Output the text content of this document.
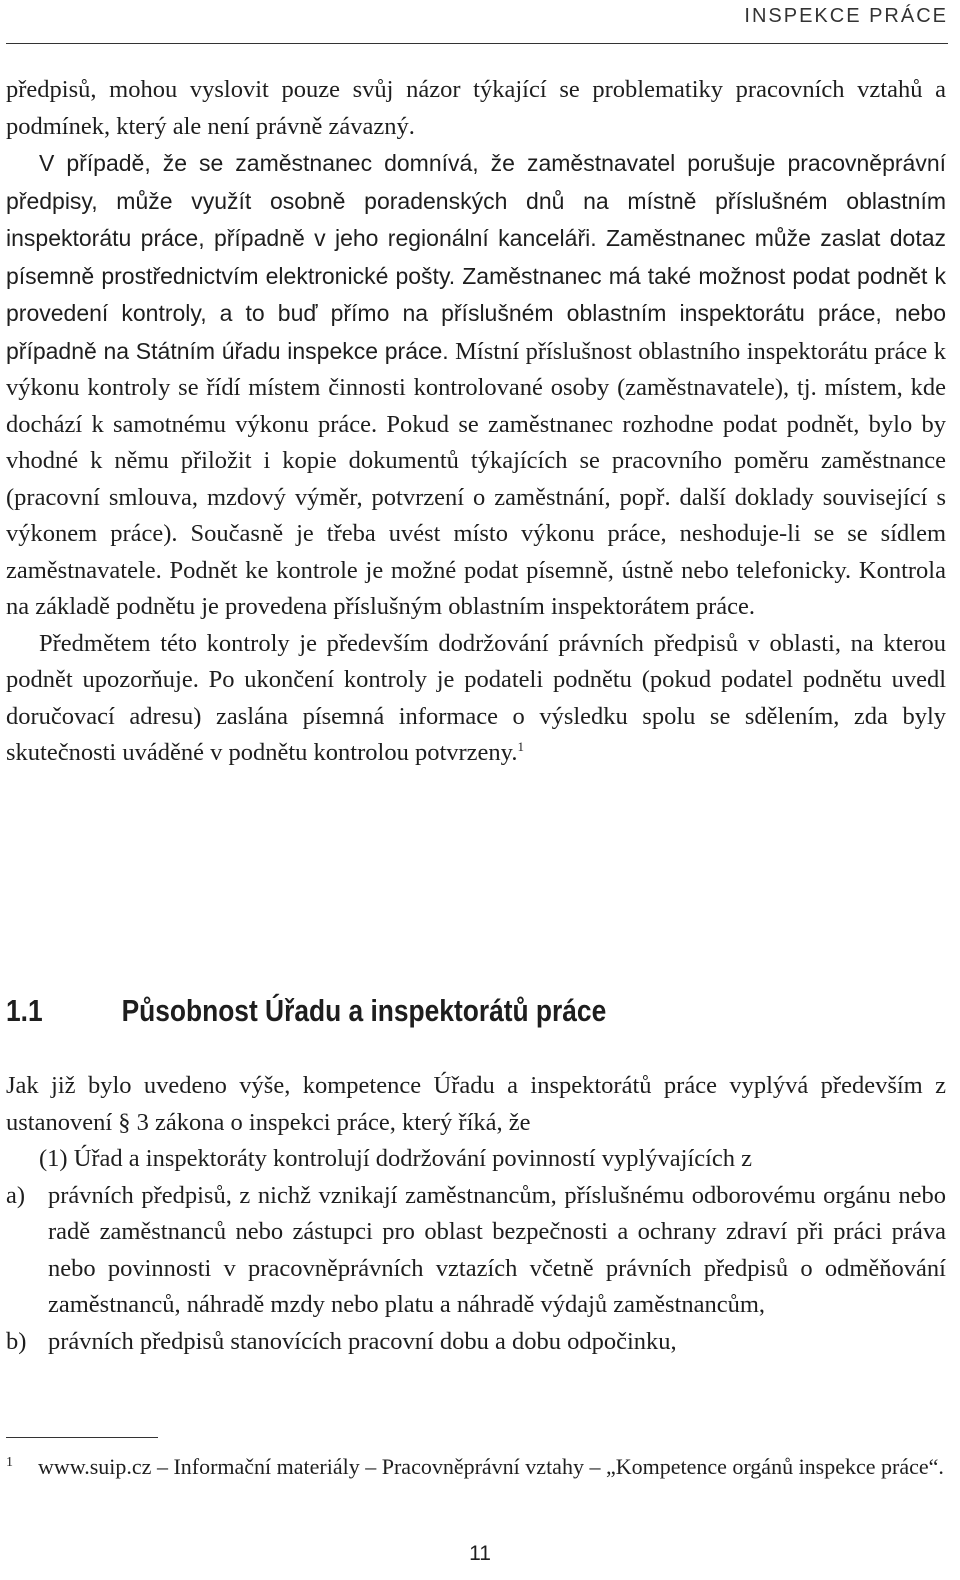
INSPEKCE PRÁCE

předpisů, mohou vyslovit pouze svůj názor týkající se problematiky pracovních vztahů a podmínek, který ale není právně závazný.

V případě, že se zaměstnanec domnívá, že zaměstnavatel porušuje pracovněprávní předpisy, může využít osobně poradenských dnů na místně příslušném oblastním inspektorátu práce, případně v jeho regionální kanceláři. Zaměstnanec může zaslat dotaz písemně prostřednictvím elektronické pošty. Zaměstnanec má také možnost podat podnět k provedení kontroly, a to buď přímo na příslušném oblastním inspektorátu práce, nebo případně na Státním úřadu inspekce práce. Místní příslušnost oblastního inspektorátu práce k výkonu kontroly se řídí místem činnosti kontrolované osoby (zaměstnavatele), tj. místem, kde dochází k samotnému výkonu práce. Pokud se zaměstnanec rozhodne podat podnět, bylo by vhodné k němu přiložit i kopie dokumentů týkajících se pracovního poměru zaměstnance (pracovní smlouva, mzdový výměr, potvrzení o zaměstnání, popř. další doklady související s výkonem práce). Současně je třeba uvést místo výkonu práce, neshoduje-li se se sídlem zaměstnavatele. Podnět ke kontrole je možné podat písemně, ústně nebo telefonicky. Kontrola na základě podnětu je provedena příslušným oblastním inspektorátem práce.

Předmětem této kontroly je především dodržování právních předpisů v oblasti, na kterou podnět upozorňuje. Po ukončení kontroly je podateli podnětu (pokud podatel podnětu uvedl doručovací adresu) zaslána písemná informace o výsledku spolu se sdělením, zda byly skutečnosti uváděné v podnětu kontrolou potvrzeny.$^1$

1.1	Působnost Úřadu a inspektorátů práce

Jak již bylo uvedeno výše, kompetence Úřadu a inspektorátů práce vyplývá především z ustanovení § 3 zákona o inspekci práce, který říká, že

(1) Úřad a inspektoráty kontrolují dodržování povinností vyplývajících z

a) právních předpisů, z nichž vznikají zaměstnancům, příslušnému odborovému orgánu nebo radě zaměstnanců nebo zástupci pro oblast bezpečnosti a ochrany zdraví při práci práva nebo povinnosti v pracovněprávních vztazích včetně právních předpisů o odměňování zaměstnanců, náhradě mzdy nebo platu a náhradě výdajů zaměstnancům,
b) právních předpisů stanovících pracovní dobu a dobu odpočinku,
1 www.suip.cz – Informační materiály – Pracovněprávní vztahy – „Kompetence orgánů inspekce práce“.
11
